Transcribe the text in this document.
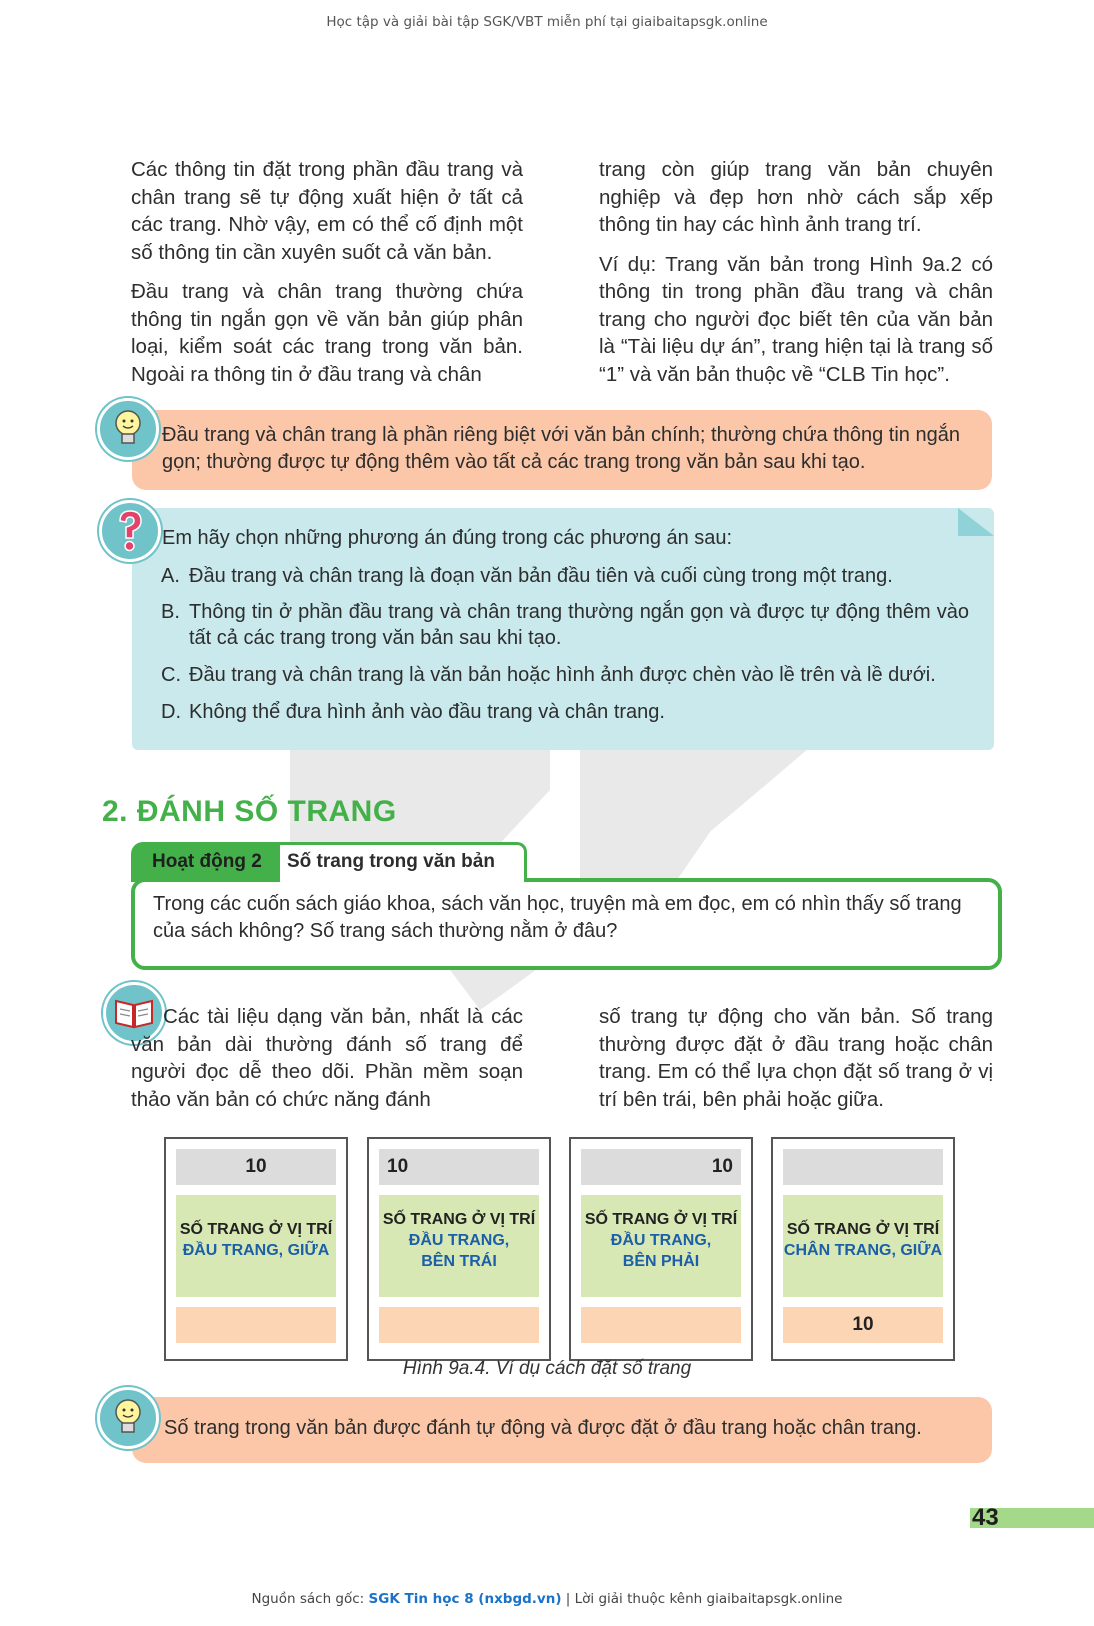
Học tập và giải bài tập SGK/VBT miễn phí tại giaibaitapsgk.online

Các thông tin đặt trong phần đầu trang và chân trang sẽ tự động xuất hiện ở tất cả các trang. Nhờ vậy, em có thể cố định một số thông tin cần xuyên suốt cả văn bản.

Đầu trang và chân trang thường chứa thông tin ngắn gọn về văn bản giúp phân loại, kiểm soát các trang trong văn bản. Ngoài ra thông tin ở đầu trang và chân

trang còn giúp trang văn bản chuyên nghiệp và đẹp hơn nhờ cách sắp xếp thông tin hay các hình ảnh trang trí.

Ví dụ: Trang văn bản trong Hình 9a.2 có thông tin trong phần đầu trang và chân trang cho người đọc biết tên của văn bản là “Tài liệu dự án”, trang hiện tại là trang số “1” và văn bản thuộc về “CLB Tin học”.

Đầu trang và chân trang là phần riêng biệt với văn bản chính; thường chứa thông tin ngắn gọn; thường được tự động thêm vào tất cả các trang trong văn bản sau khi tạo.
Em hãy chọn những phương án đúng trong các phương án sau:
A. Đầu trang và chân trang là đoạn văn bản đầu tiên và cuối cùng trong một trang.
B. Thông tin ở phần đầu trang và chân trang thường ngắn gọn và được tự động thêm vào tất cả các trang trong văn bản sau khi tạo.
C. Đầu trang và chân trang là văn bản hoặc hình ảnh được chèn vào lề trên và lề dưới.
D. Không thể đưa hình ảnh vào đầu trang và chân trang.
2. ĐÁNH SỐ TRANG
Hoạt động 2 Số trang trong văn bản
Trong các cuốn sách giáo khoa, sách văn học, truyện mà em đọc, em có nhìn thấy số trang của sách không? Số trang sách thường nằm ở đâu?
Các tài liệu dạng văn bản, nhất là các văn bản dài thường đánh số trang để người đọc dễ theo dõi. Phần mềm soạn thảo văn bản có chức năng đánh
số trang tự động cho văn bản. Số trang thường được đặt ở đầu trang hoặc chân trang. Em có thể lựa chọn đặt số trang ở vị trí bên trái, bên phải hoặc giữa.
10
SỐ TRANG Ở VỊ TRÍ
ĐẦU TRANG, GIỮA
10
SỐ TRANG Ở VỊ TRÍ
ĐẦU TRANG,
BÊN TRÁI
10
SỐ TRANG Ở VỊ TRÍ
ĐẦU TRANG,
BÊN PHẢI
SỐ TRANG Ở VỊ TRÍ
CHÂN TRANG, GIỮA
10
Hình 9a.4. Ví dụ cách đặt số trang
Số trang trong văn bản được đánh tự động và được đặt ở đầu trang hoặc chân trang.
43
Nguồn sách gốc: SGK Tin học 8 (nxbgd.vn) | Lời giải thuộc kênh giaibaitapsgk.online
